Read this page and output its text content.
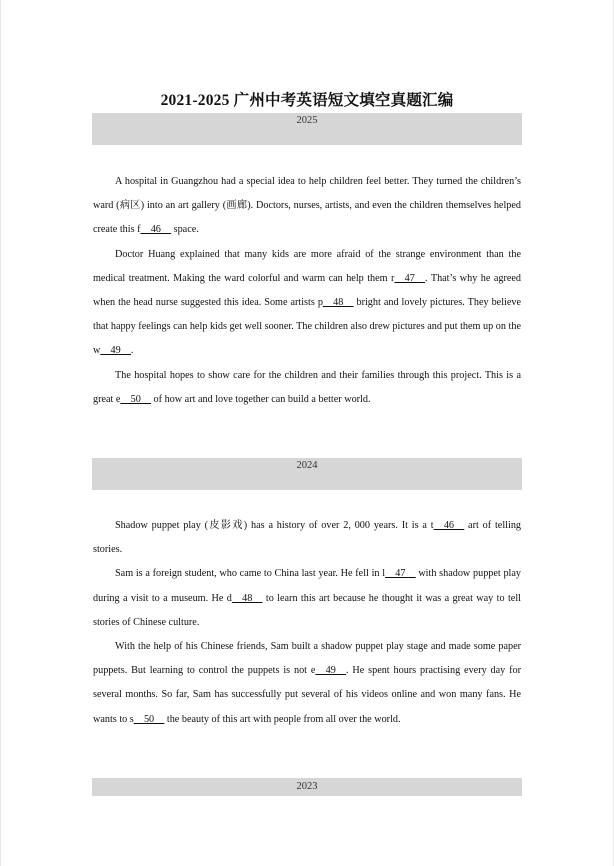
2021-2025 广州中考英语短文填空真题汇编
2025

A hospital in Guangzhou had a special idea to help children feel better. They turned the children’s ward (病区) into an art gallery (画廊). Doctors, nurses, artists, and even the children themselves helped create this f__46__ space.

Doctor Huang explained that many kids are more afraid of the strange environment than the medical treatment. Making the ward colorful and warm can help them r__47__. That’s why he agreed when the head nurse suggested this idea. Some artists p__48__ bright and lovely pictures. They believe that happy feelings can help kids get well sooner. The children also drew pictures and put them up on the w__49__.

The hospital hopes to show care for the children and their families through this project. This is a great e__50__ of how art and love together can build a better world.

2024

Shadow puppet play (皮影戏) has a history of over 2, 000 years. It is a t__46__ art of telling stories.

Sam is a foreign student, who came to China last year. He fell in l__47__ with shadow puppet play during a visit to a museum. He d__48__ to learn this art because he thought it was a great way to tell stories of Chinese culture.

With the help of his Chinese friends, Sam built a shadow puppet play stage and made some paper puppets. But learning to control the puppets is not e__49__. He spent hours practising every day for several months. So far, Sam has successfully put several of his videos online and won many fans. He wants to s__50__ the beauty of this art with people from all over the world.

2023
